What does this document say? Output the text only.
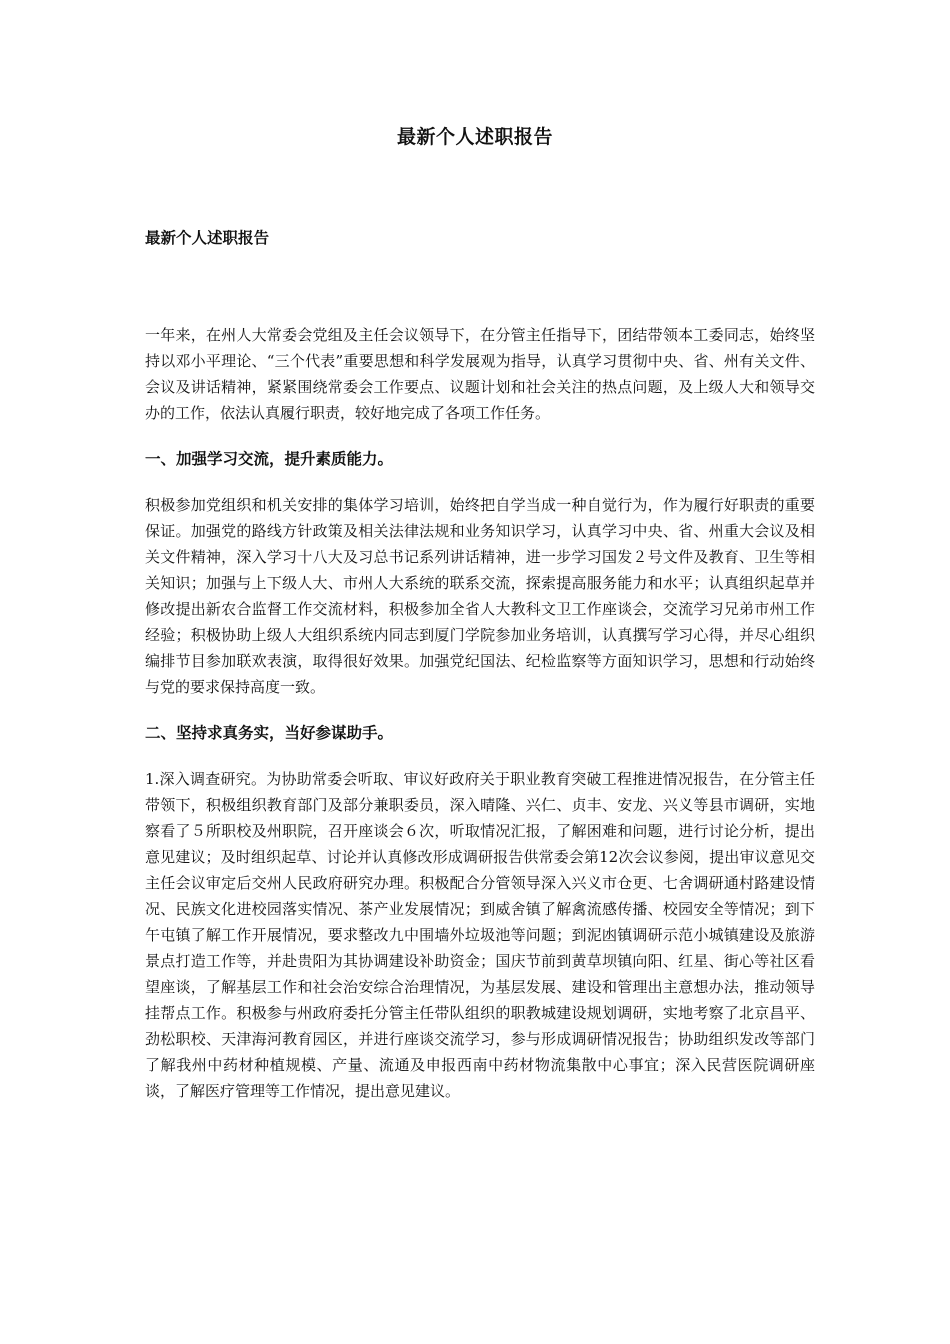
最新个人述职报告

最新个人述职报告

一年来，在州人大常委会党组及主任会议领导下，在分管主任指导下，团结带领本工委同志，始终坚持以邓小平理论、“三个代表”重要思想和科学发展观为指导，认真学习贯彻中央、省、州有关文件、会议及讲话精神，紧紧围绕常委会工作要点、议题计划和社会关注的热点问题，及上级人大和领导交办的工作，依法认真履行职责，较好地完成了各项工作任务。

一、加强学习交流，提升素质能力。

积极参加党组织和机关安排的集体学习培训，始终把自学当成一种自觉行为，作为履行好职责的重要保证。加强党的路线方针政策及相关法律法规和业务知识学习，认真学习中央、省、州重大会议及相关文件精神，深入学习十八大及习总书记系列讲话精神，进一步学习国发２号文件及教育、卫生等相关知识；加强与上下级人大、市州人大系统的联系交流，探索提高服务能力和水平；认真组织起草并修改提出新农合监督工作交流材料，积极参加全省人大教科文卫工作座谈会，交流学习兄弟市州工作经验；积极协助上级人大组织系统内同志到厦门学院参加业务培训，认真撰写学习心得，并尽心组织编排节目参加联欢表演，取得很好效果。加强党纪国法、纪检监察等方面知识学习，思想和行动始终与党的要求保持高度一致。

二、坚持求真务实，当好参谋助手。

1.深入调查研究。为协助常委会听取、审议好政府关于职业教育突破工程推进情况报告，在分管主任带领下，积极组织教育部门及部分兼职委员，深入晴隆、兴仁、贞丰、安龙、兴义等县市调研，实地察看了５所职校及州职院，召开座谈会６次，听取情况汇报，了解困难和问题，进行讨论分析，提出意见建议；及时组织起草、讨论并认真修改形成调研报告供常委会第12次会议参阅，提出审议意见交主任会议审定后交州人民政府研究办理。积极配合分管领导深入兴义市仓更、七舍调研通村路建设情况、民族文化进校园落实情况、茶产业发展情况；到威舍镇了解禽流感传播、校园安全等情况；到下午屯镇了解工作开展情况，要求整改九中围墙外垃圾池等问题；到泥凼镇调研示范小城镇建设及旅游景点打造工作等，并赴贵阳为其协调建设补助资金；国庆节前到黄草坝镇向阳、红星、街心等社区看望座谈，了解基层工作和社会治安综合治理情况，为基层发展、建设和管理出主意想办法，推动领导挂帮点工作。积极参与州政府委托分管主任带队组织的职教城建设规划调研，实地考察了北京昌平、劲松职校、天津海河教育园区，并进行座谈交流学习，参与形成调研情况报告；协助组织发改等部门了解我州中药材种植规模、产量、流通及申报西南中药材物流集散中心事宜；深入民营医院调研座谈，了解医疗管理等工作情况，提出意见建议。
